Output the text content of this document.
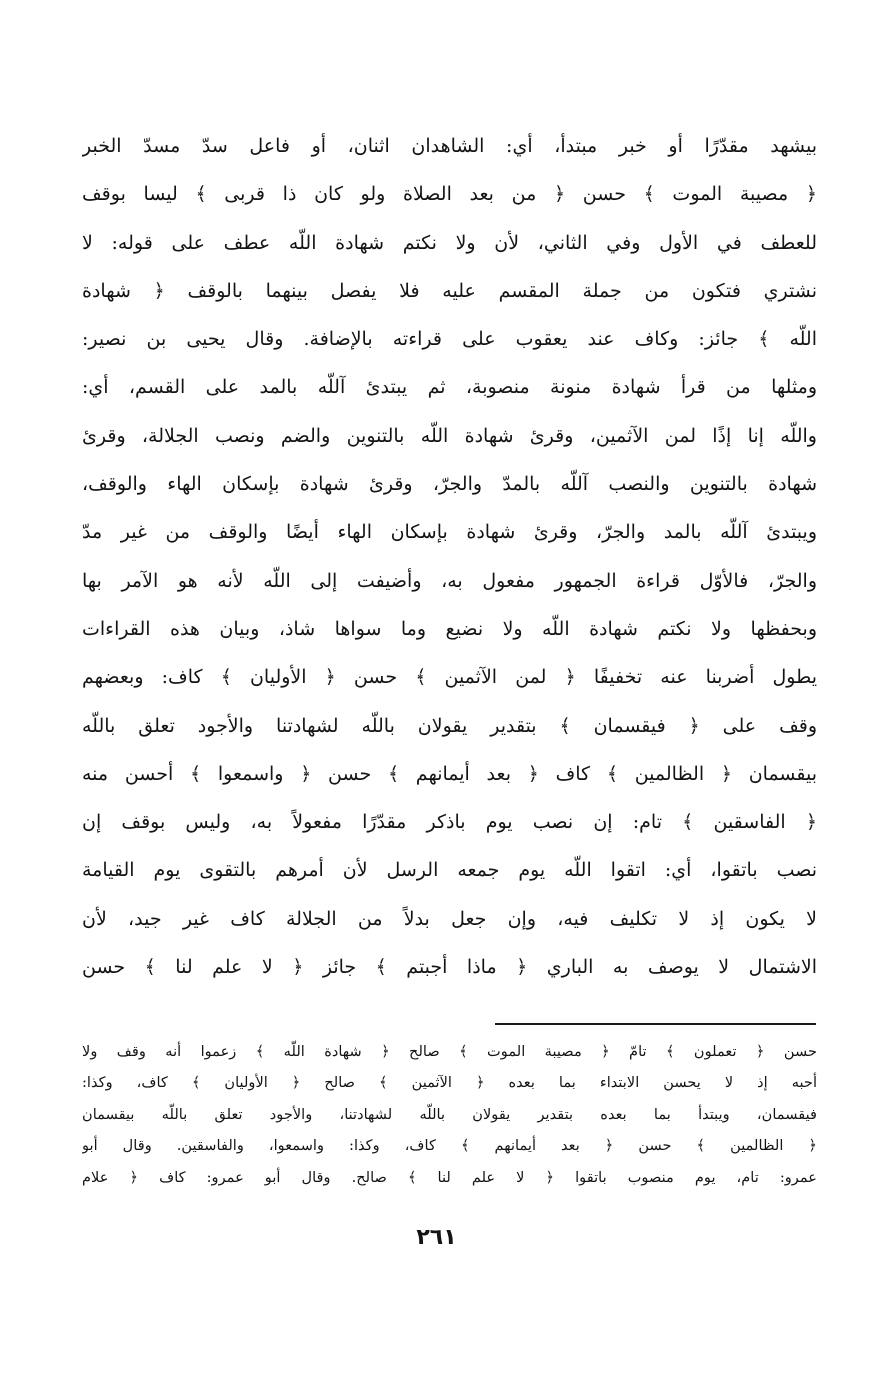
بيشهد مقدّرًا أو خبر مبتدأ، أي: الشاهدان اثنان، أو فاعل سدّ مسدّ الخبر
﴿ مصيبة الموت ﴾ حسن ﴿ من بعد الصلاة ولو كان ذا قربى ﴾ ليسا بوقف
للعطف في الأول وفي الثاني، لأن ولا نكتم شهادة اللّه عطف على قوله: لا
نشتري فتكون من جملة المقسم عليه فلا يفصل بينهما بالوقف ﴿ شهادة
اللّه ﴾ جائز: وكاف عند يعقوب على قراءته بالإضافة. وقال يحيى بن نصير:
ومثلها من قرأ شهادة منونة منصوبة، ثم يبتدئ آللّه بالمد على القسم، أي:
واللّه إنا إذًا لمن الآثمين، وقرئ شهادة اللّه بالتنوين والضم ونصب الجلالة، وقرئ
شهادة بالتنوين والنصب آللّه بالمدّ والجرّ، وقرئ شهادة بإسكان الهاء والوقف،
ويبتدئ آللّه بالمد والجرّ، وقرئ شهادة بإسكان الهاء أيضًا والوقف من غير مدّ
والجرّ، فالأوّل قراءة الجمهور مفعول به، وأضيفت إلى اللّه لأنه هو الآمر بها
وبحفظها ولا نكتم شهادة اللّه ولا نضيع وما سواها شاذ، وبيان هذه القراءات
يطول أضربنا عنه تخفيفًا ﴿ لمن الآثمين ﴾ حسن ﴿ الأوليان ﴾ كاف: وبعضهم
وقف على ﴿ فيقسمان ﴾ بتقدير يقولان باللّه لشهادتنا والأجود تعلق باللّه
بيقسمان ﴿ الظالمين ﴾ كاف ﴿ بعد أيمانهم ﴾ حسن ﴿ واسمعوا ﴾ أحسن منه
﴿ الفاسقين ﴾ تام: إن نصب يوم باذكر مقدّرًا مفعولاً به، وليس بوقف إن
نصب باتقوا، أي: اتقوا اللّه يوم جمعه الرسل لأن أمرهم بالتقوى يوم القيامة
لا يكون إذ لا تكليف فيه، وإن جعل بدلاً من الجلالة كاف غير جيد، لأن
الاشتمال لا يوصف به الباري ﴿ ماذا أجبتم ﴾ جائز ﴿ لا علم لنا ﴾ حسن
حسن ﴿ تعملون ﴾ تامّ ﴿ مصيبة الموت ﴾ صالح ﴿ شهادة اللّه ﴾ زعموا أنه وقف ولا
أحبه إذ لا يحسن الابتداء بما بعده ﴿ الآثمين ﴾ صالح ﴿ الأوليان ﴾ كاف، وكذا:
فيقسمان، ويبتدأ بما بعده بتقدير يقولان باللّه لشهادتنا، والأجود تعلق باللّه بيقسمان
﴿ الظالمين ﴾ حسن ﴿ بعد أيمانهم ﴾ كاف، وكذا: واسمعوا، والفاسقين. وقال أبو
عمرو: تام، يوم منصوب باتقوا ﴿ لا علم لنا ﴾ صالح. وقال أبو عمرو: كاف ﴿ علام
٢٦١
